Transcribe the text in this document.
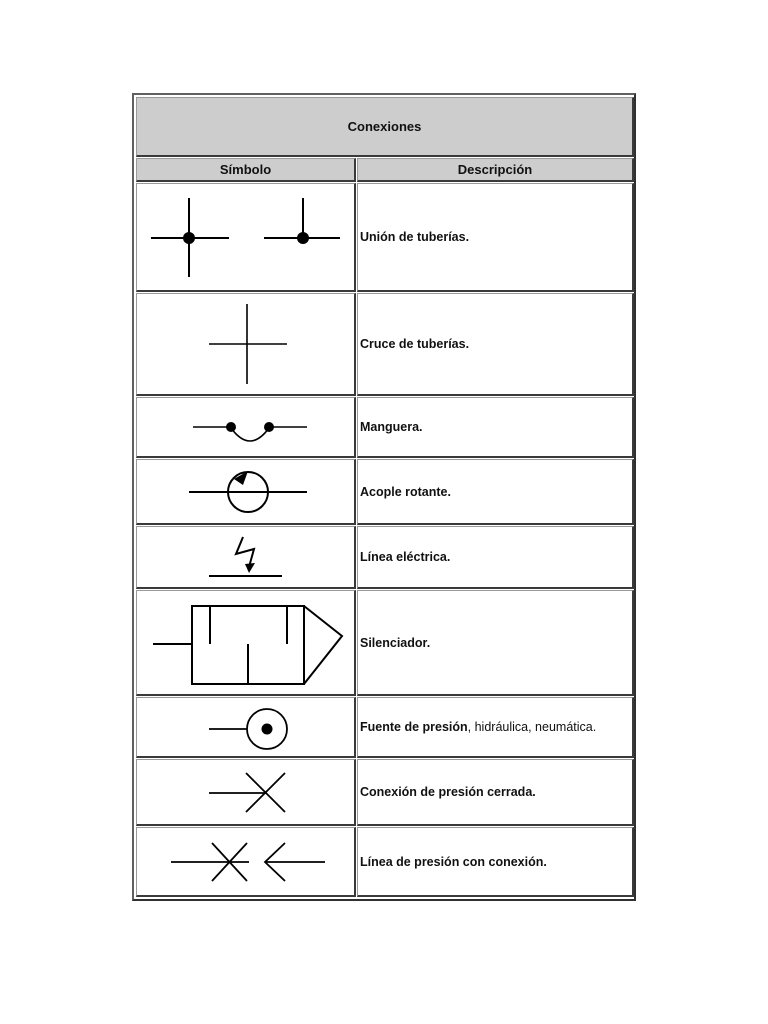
Conexiones
Símbolo	Descripción
Unión de tuberías.
Cruce de tuberías.
Manguera.
Acople rotante.
Línea eléctrica.
Silenciador.
Fuente de presión , hidráulica, neumática.
Conexión de presión cerrada.
Línea de presión con conexión.
